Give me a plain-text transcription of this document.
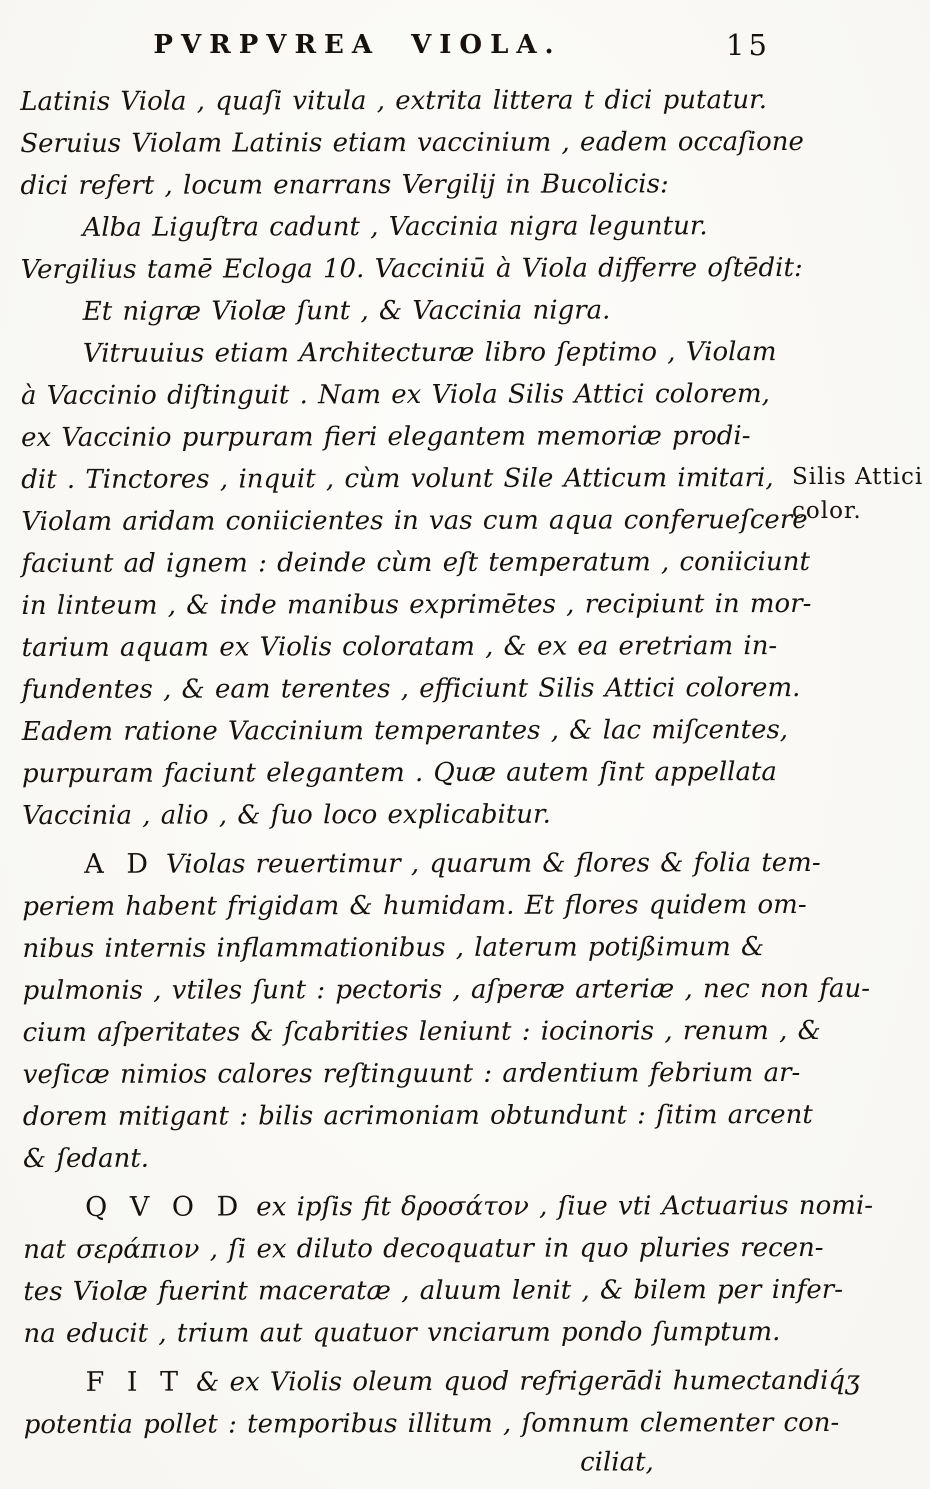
PVRPVREA VIOLA.	15
Latinis Viola , quaſi vitula , extrita littera t dici putatur.
Seruius Violam Latinis etiam vaccinium , eadem occaſione
dici refert , locum enarrans Vergilij in Bucolicis:
Alba Liguſtra cadunt , Vaccinia nigra leguntur.
Vergilius tamē Ecloga 10. Vacciniū à Viola differre oſtēdit:
Et nigræ Violæ ſunt , & Vaccinia nigra.
Vitruuius etiam Architecturæ libro ſeptimo , Violam
à Vaccinio diſtinguit . Nam ex Viola Silis Attici colorem,
ex Vaccinio purpuram fieri elegantem memoriæ prodi-
dit . Tinctores , inquit , cùm volunt Sile Atticum imitari,
Violam aridam coniicientes in vas cum aqua conferueſcere
faciunt ad ignem : deinde cùm eſt temperatum , coniiciunt
in linteum , & inde manibus exprimētes , recipiunt in mor-
tarium aquam ex Violis coloratam , & ex ea eretriam in-
fundentes , & eam terentes , efficiunt Silis Attici colorem.
Eadem ratione Vaccinium temperantes , & lac miſcentes,
purpuram faciunt elegantem . Quæ autem ſint appellata
Vaccinia , alio , & ſuo loco explicabitur.
A D Violas reuertimur , quarum & flores & folia tem-
periem habent frigidam & humidam. Et flores quidem om-
nibus internis inflammationibus , laterum potißimum &
pulmonis , vtiles ſunt : pectoris , aſperæ arteriæ , nec non fau-
cium aſperitates & ſcabrities leniunt : iocinoris , renum , &
veſicæ nimios calores reſtinguunt : ardentium febrium ar-
dorem mitigant : bilis acrimoniam obtundunt : ſitim arcent
& ſedant.
Q V O D ex ipſis fit δροσάτον , ſiue vti Actuarius nomi-
nat σεράπιον , ſi ex diluto decoquatur in quo pluries recen-
tes Violæ fuerint maceratæ , aluum lenit , & bilem per infer-
na educit , trium aut quatuor vnciarum pondo ſumptum.
F I T & ex Violis oleum quod refrigerādi humectandiq́ʒ
potentia pollet : temporibus illitum , ſomnum clementer con-
ciliat,
Silis Attici
color.
